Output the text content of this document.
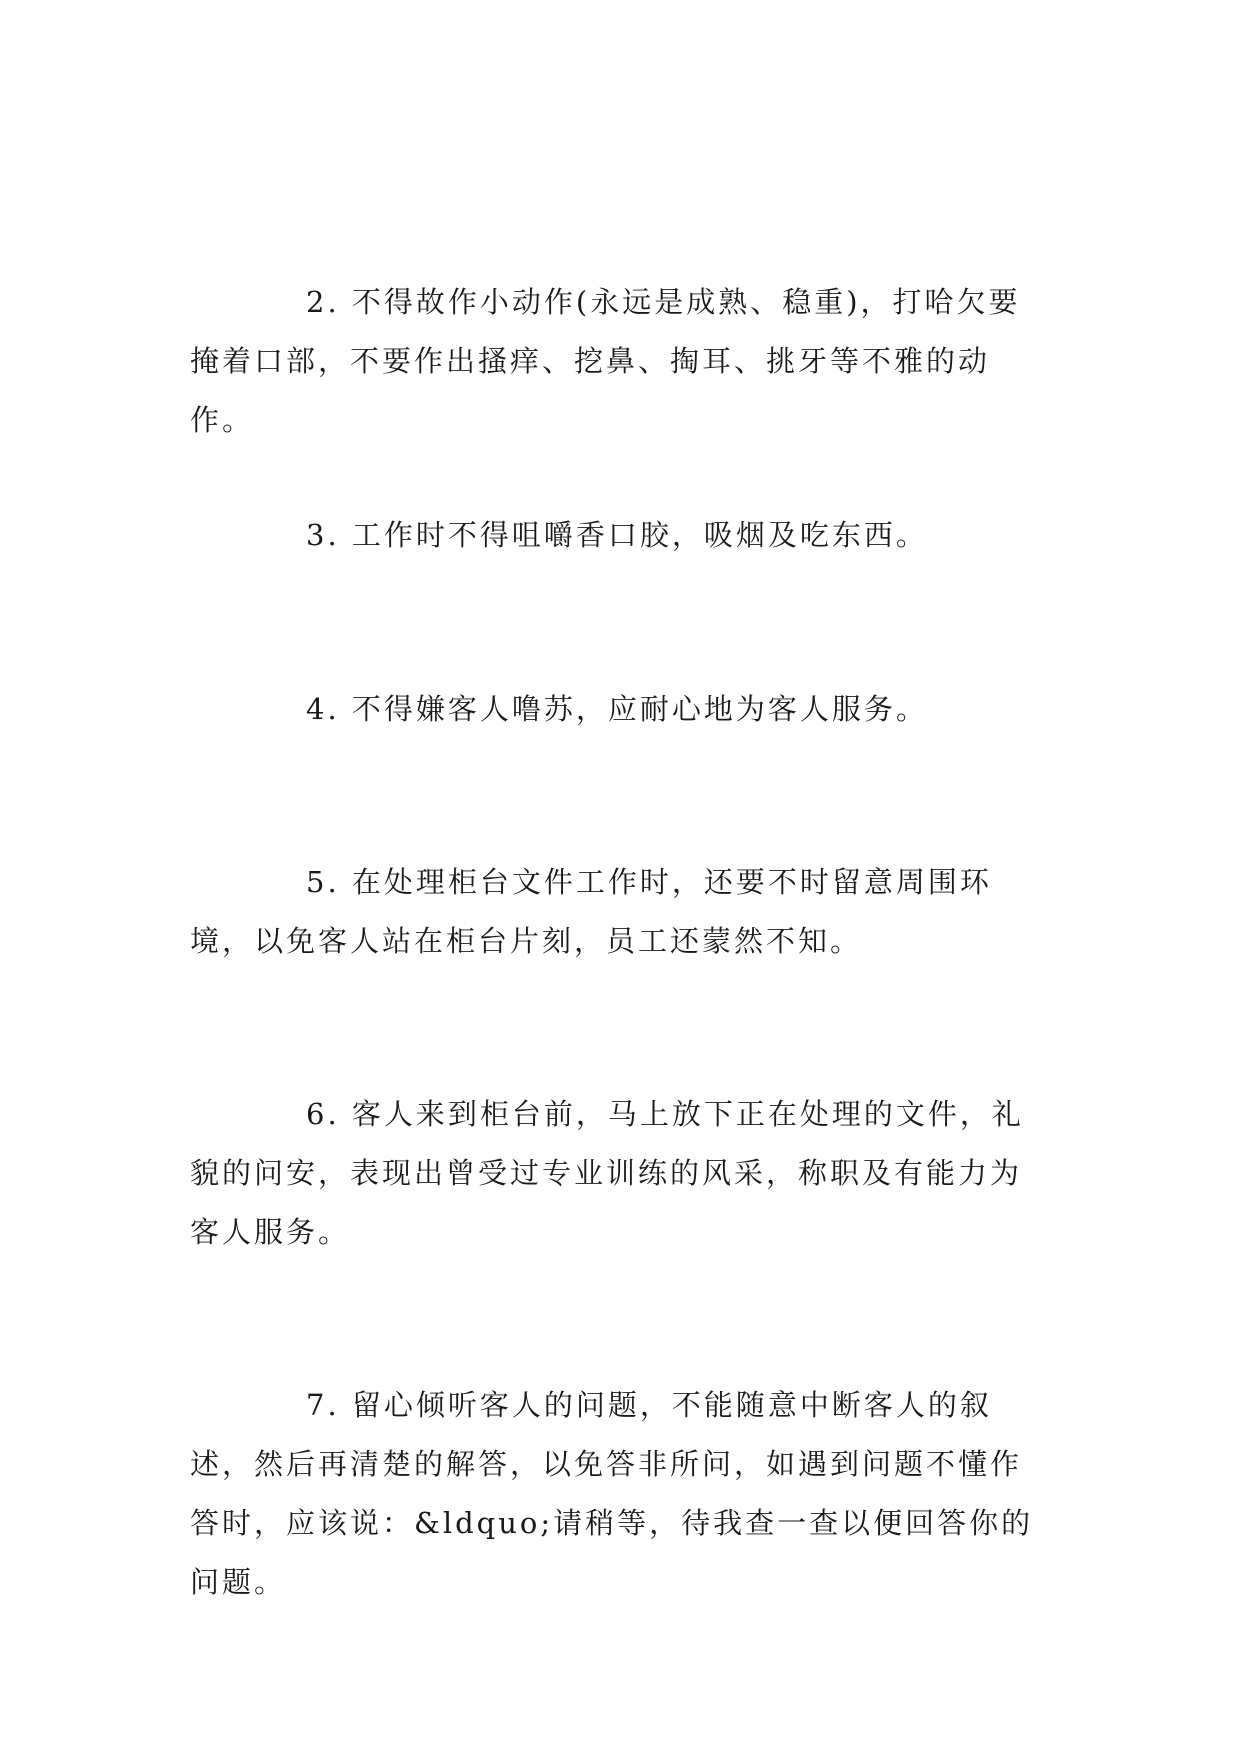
2. 不得故作小动作(永远是成熟、稳重)，打哈欠要掩着口部，不要作出搔痒、挖鼻、掏耳、挑牙等不雅的动作。

3. 工作时不得咀嚼香口胶，吸烟及吃东西。

4. 不得嫌客人噜苏，应耐心地为客人服务。

5. 在处理柜台文件工作时，还要不时留意周围环境，以免客人站在柜台片刻，员工还蒙然不知。

6. 客人来到柜台前，马上放下正在处理的文件，礼貌的问安，表现出曾受过专业训练的风采，称职及有能力为客人服务。

7. 留心倾听客人的问题，不能随意中断客人的叙述，然后再清楚的解答，以免答非所问，如遇到问题不懂作答时，应该说：&ldquo;请稍等，待我查一查以便回答你的问题。
